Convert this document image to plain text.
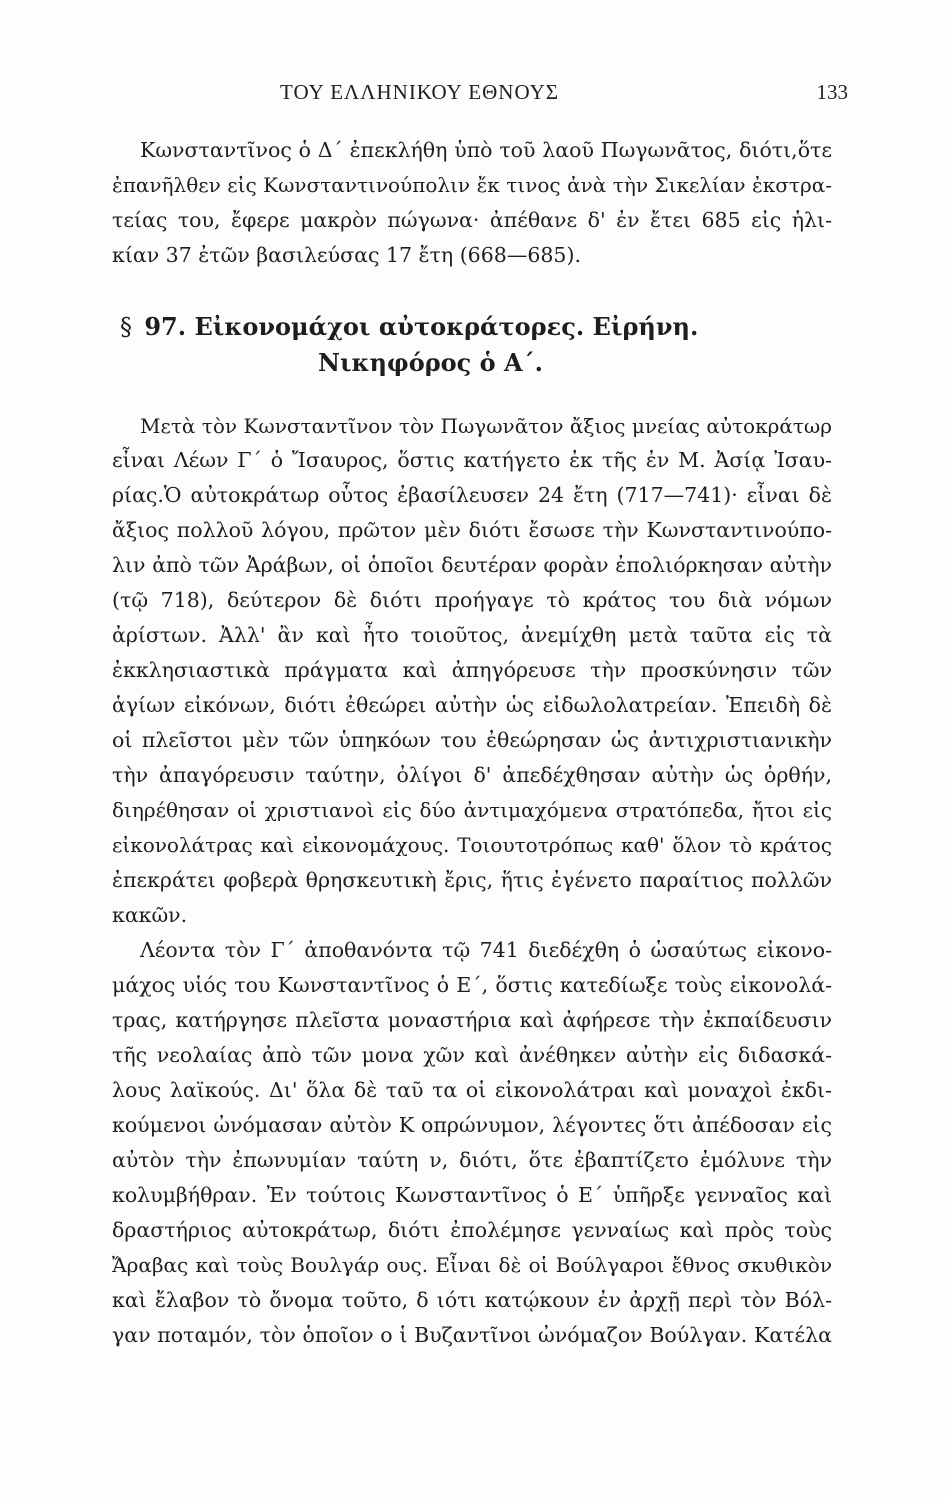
ΤΟΥ ΕΛΛΗΝΙΚΟΥ ΕΘΝΟΥΣ	133
Κωνσταντῖνος ὁ Δ΄ ἐπεκλήθη ὑπὸ τοῦ λαοῦ Πωγωνᾶτος, διότι,ὅτε
ἐπανῆλθεν εἰς Κωνσταντινούπολιν ἔκ τινος ἀνὰ τὴν Σικελίαν ἐκστρα-
τείας του, ἔφερε μακρὸν πώγωνα· ἀπέθανε δ' ἐν ἔτει 685 εἰς ἡλι-
κίαν 37 ἐτῶν βασιλεύσας 17 ἔτη (668—685).
§ 97. Εἰκονομάχοι αὐτοκράτορες. Εἰρήνη.
Νικηφόρος ὁ Α΄.
Μετὰ τὸν Κωνσταντῖνον τὸν Πωγωνᾶτον ἄξιος μνείας αὐτοκράτωρ
εἶναι Λέων Γ΄ ὁ Ἴσαυρος, ὅστις κατήγετο ἐκ τῆς ἐν Μ. Ἀσίᾳ Ἰσαυ-
ρίας.Ὁ αὐτοκράτωρ οὗτος ἐβασίλευσεν 24 ἔτη (717—741)· εἶναι δὲ
ἄξιος πολλοῦ λόγου, πρῶτον μὲν διότι ἔσωσε τὴν Κωνσταντινούπο-
λιν ἀπὸ τῶν Ἀράβων, οἱ ὁποῖοι δευτέραν φορὰν ἐπολιόρκησαν αὐτὴν
(τῷ 718), δεύτερον δὲ διότι προήγαγε τὸ κράτος του διὰ νόμων
ἀρίστων. Ἀλλ' ἂν καὶ ἦτο τοιοῦτος, ἀνεμίχθη μετὰ ταῦτα εἰς τὰ
ἐκκλησιαστικὰ πράγματα καὶ ἀπηγόρευσε τὴν προσκύνησιν τῶν
ἁγίων εἰκόνων, διότι ἐθεώρει αὐτὴν ὡς εἰδωλολατρείαν. Ἐπειδὴ δὲ
οἱ πλεῖστοι μὲν τῶν ὑπηκόων του ἐθεώρησαν ὡς ἀντιχριστιανικὴν
τὴν ἀπαγόρευσιν ταύτην, ὀλίγοι δ' ἀπεδέχθησαν αὐτὴν ὡς ὀρθήν,
διηρέθησαν οἱ χριστιανοὶ εἰς δύο ἀντιμαχόμενα στρατόπεδα, ἤτοι εἰς
εἰκονολάτρας καὶ εἰκονομάχους. Τοιουτοτρόπως καθ' ὅλον τὸ κράτος
ἐπεκράτει φοβερὰ θρησκευτικὴ ἔρις, ἥτις ἐγένετο παραίτιος πολλῶν
κακῶν.
Λέοντα τὸν Γ΄ ἀποθανόντα τῷ 741 διεδέχθη ὁ ὡσαύτως εἰκονο-
μάχος υἱός του Κωνσταντῖνος ὁ Ε΄, ὅστις κατεδίωξε τοὺς εἰκονολά-
τρας, κατήργησε πλεῖστα μοναστήρια καὶ ἀφήρεσε τὴν ἐκπαίδευσιν
τῆς νεολαίας ἀπὸ τῶν μονα χῶν καὶ ἀνέθηκεν αὐτὴν εἰς διδασκά-
λους λαϊκούς. Δι' ὅλα δὲ ταῦ τα οἱ εἰκονολάτραι καὶ μοναχοὶ ἐκδι-
κούμενοι ὠνόμασαν αὐτὸν Κ οπρώνυμον, λέγοντες ὅτι ἀπέδοσαν εἰς
αὐτὸν τὴν ἐπωνυμίαν ταύτη ν, διότι, ὅτε ἐβαπτίζετο ἐμόλυνε τὴν
κολυμβήθραν. Ἐν τούτοις Κωνσταντῖνος ὁ Ε΄ ὑπῆρξε γενναῖος καὶ
δραστήριος αὐτοκράτωρ, διότι ἐπολέμησε γενναίως καὶ πρὸς τοὺς
Ἄραβας καὶ τοὺς Βουλγάρ ους. Εἶναι δὲ οἱ Βούλγαροι ἔθνος σκυθικὸν
καὶ ἔλαβον τὸ ὄνομα τοῦτο, δ ιότι κατῴκουν ἐν ἀρχῇ περὶ τὸν Βόλ-
γαν ποταμόν, τὸν ὁποῖον ο ἱ Βυζαντῖνοι ὠνόμαζον Βούλγαν. Κατέλα
